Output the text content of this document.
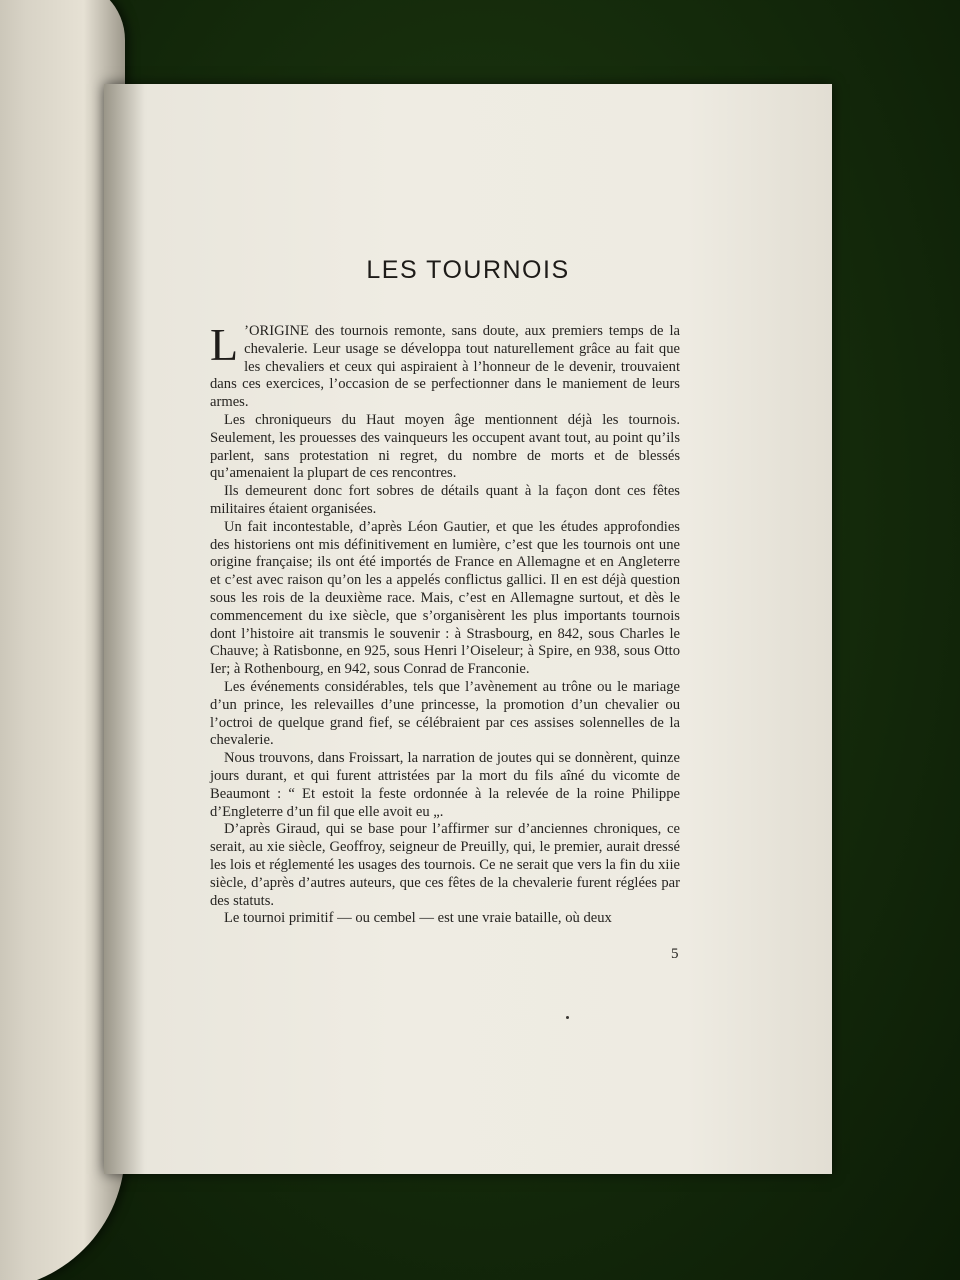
LES TOURNOIS

L ’ORIGINE des tournois remonte, sans doute, aux premiers temps de la chevalerie. Leur usage se développa tout naturellement grâce au fait que les chevaliers et ceux qui aspiraient à l’honneur de le devenir, trouvaient dans ces exercices, l’occasion de se perfectionner dans le maniement de leurs armes.

Les chroniqueurs du Haut moyen âge mentionnent déjà les tournois. Seulement, les prouesses des vainqueurs les occupent avant tout, au point qu’ils parlent, sans protestation ni regret, du nombre de morts et de blessés qu’amenaient la plupart de ces rencontres.

Ils demeurent donc fort sobres de détails quant à la façon dont ces fêtes militaires étaient organisées.

Un fait incontestable, d’après Léon Gautier, et que les études approfondies des historiens ont mis définitivement en lumière, c’est que les tournois ont une origine française; ils ont été importés de France en Allemagne et en Angleterre et c’est avec raison qu’on les a appelés conflictus gallici. Il en est déjà question sous les rois de la deuxième race. Mais, c’est en Allemagne surtout, et dès le commencement du ixe siècle, que s’organisèrent les plus importants tournois dont l’histoire ait transmis le souvenir : à Strasbourg, en 842, sous Charles le Chauve; à Ratisbonne, en 925, sous Henri l’Oiseleur; à Spire, en 938, sous Otto Ier; à Rothenbourg, en 942, sous Conrad de Franconie.

Les événements considérables, tels que l’avènement au trône ou le mariage d’un prince, les relevailles d’une princesse, la promotion d’un chevalier ou l’octroi de quelque grand fief, se célébraient par ces assises solennelles de la chevalerie.

Nous trouvons, dans Froissart, la narration de joutes qui se donnèrent, quinze jours durant, et qui furent attristées par la mort du fils aîné du vicomte de Beaumont : “ Et estoit la feste ordonnée à la relevée de la roine Philippe d’Engleterre d’un fil que elle avoit eu „.

D’après Giraud, qui se base pour l’affirmer sur d’anciennes chroniques, ce serait, au xie siècle, Geoffroy, seigneur de Preuilly, qui, le premier, aurait dressé les lois et réglementé les usages des tournois. Ce ne serait que vers la fin du xiie siècle, d’après d’autres auteurs, que ces fêtes de la chevalerie furent réglées par des statuts.

Le tournoi primitif — ou cembel — est une vraie bataille, où deux

5
